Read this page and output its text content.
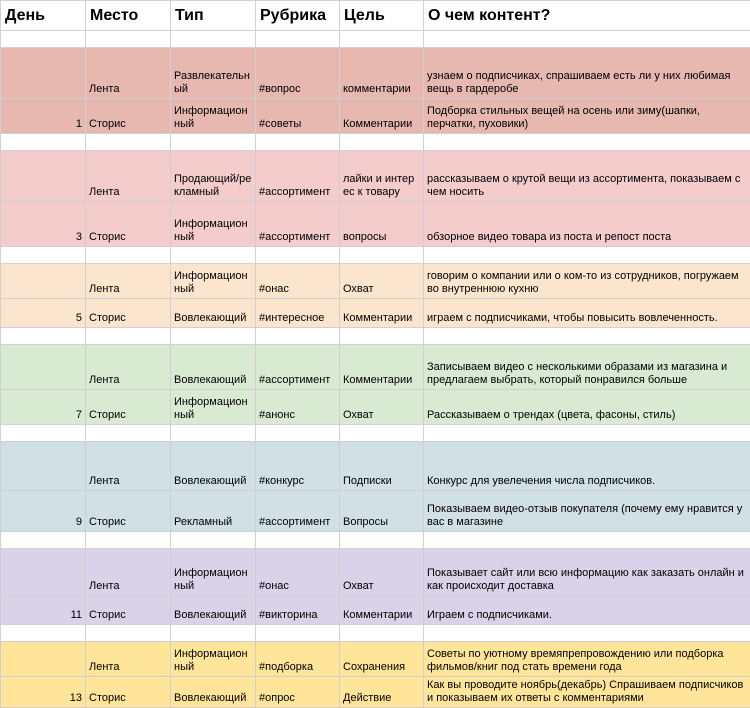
День	Место	Тип	Рубрика	Цель	О чем контент?

	Лента	Развлекательный	#вопрос	комментарии	узнаем о подписчиках, спрашиваем есть ли у них любимая вещь в гардеробе
1	Сторис	Информационный	#советы	Комментарии	Подборка стильных вещей на осень или зиму(шапки, перчатки, пуховики)

	Лента	Продающий/рекламный	#ассортимент	лайки и интерес к товару	рассказываем о крутой вещи из ассортимента, показываем с чем носить
3	Сторис	Информационный	#ассортимент	вопросы	обзорное видео товара из поста и репост поста

	Лента	Информационный	#онас	Охват	говорим о компании или о ком-то из сотрудников, погружаем во внутреннюю кухню
5	Сторис	Вовлекающий	#интересное	Комментарии	играем с подписчиками, чтобы повысить вовлеченность.

	Лента	Вовлекающий	#ассортимент	Комментарии	Записываем видео с несколькими образами из магазина и предлагаем выбрать, который понравился больше
7	Сторис	Информационный	#анонс	Охват	Рассказываем о трендах (цвета, фасоны, стиль)

	Лента	Вовлекающий	#конкурс	Подписки	Конкурс для увелечения числа подписчиков.
9	Сторис	Рекламный	#ассортимент	Вопросы	Показываем видео-отзыв покупателя (почему ему нравится у вас в магазине

	Лента	Информационный	#онас	Охват	Показывает сайт или всю информацию как заказать онлайн и как происходит доставка
11	Сторис	Вовлекающий	#викторина	Комментарии	Играем с подписчиками.

	Лента	Информационный	#подборка	Сохранения	Советы по уютному времяпрепровождению или подборка фильмов/книг под стать времени года
13	Сторис	Вовлекающий	#опрос	Действие	Как вы проводите ноябрь(декабрь) Спрашиваем подписчиков и показываем их ответы с комментариями
